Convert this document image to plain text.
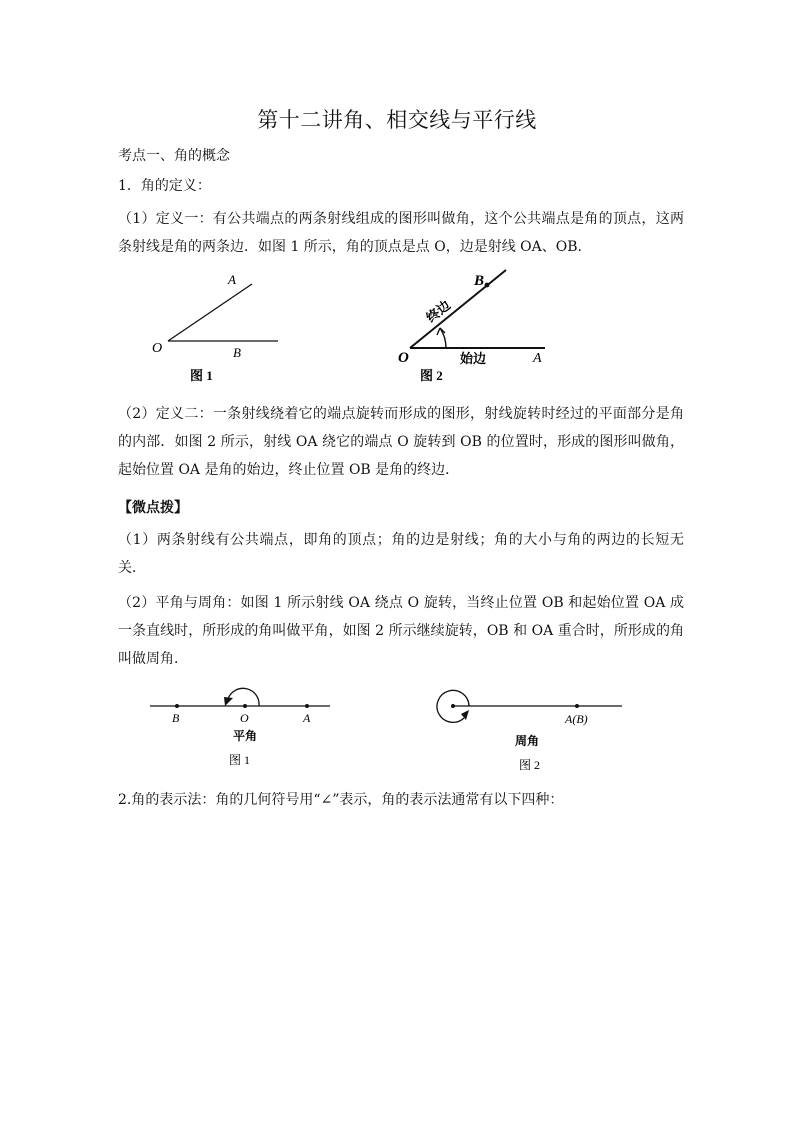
第十二讲角、相交线与平行线
考点一、角的概念
1．角的定义：
（1）定义一：有公共端点的两条射线组成的图形叫做角，这个公共端点是角的顶点，这两条射线是角的两条边．如图 1 所示，角的顶点是点 O，边是射线 OA、OB．
O
A
B
图 1
B
O	A
终边
始边
图 2
（2）定义二：一条射线绕着它的端点旋转而形成的图形，射线旋转时经过的平面部分是角的内部．如图 2 所示，射线 OA 绕它的端点 O 旋转到 OB 的位置时，形成的图形叫做角，起始位置 OA 是角的始边，终止位置 OB 是角的终边．
【微点拨】
（1）两条射线有公共端点，即角的顶点；角的边是射线；角的大小与角的两边的长短无关．
（2）平角与周角：如图 1 所示射线 OA 绕点 O 旋转，当终止位置 OB 和起始位置 OA 成一条直线时，所形成的角叫做平角，如图 2 所示继续旋转，OB 和 OA 重合时，所形成的角叫做周角．
B	O	A
平角
图 1
A(B)
周角
图 2
2.角的表示法：角的几何符号用“∠”表示，角的表示法通常有以下四种：
